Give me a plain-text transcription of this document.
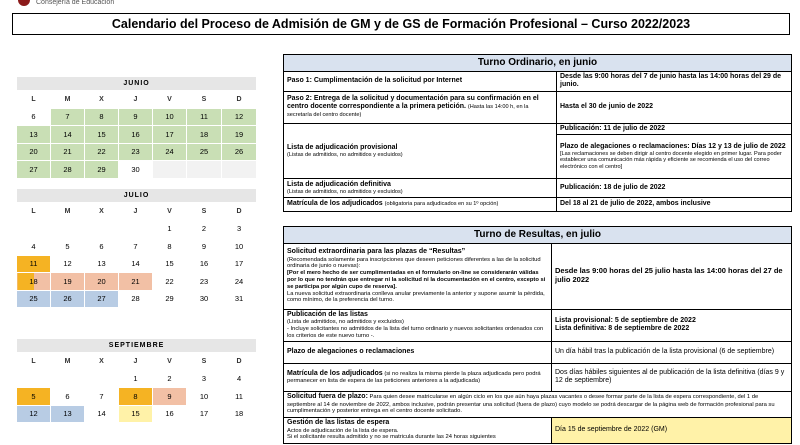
Consejería de Educación
Calendario del Proceso de Admisión de GM y de GS de Formación Profesional – Curso 2022/2023
JUNIO						
L	M	X	J	V	S	D
6	7	8	9	10	11	12
13	14	15	16	17	18	19
20	21	22	23	24	25	26
27	28	29	30			
JULIO						
L	M	X	J	V	S	D
				1	2	3
4	5	6	7	8	9	10
11	12	13	14	15	16	17
18	19	20	21	22	23	24
25	26	27	28	29	30	31
SEPTIEMBRE						
L	M	X	J	V	S	D
			1	2	3	4
5	6	7	8	9	10	11
12	13	14	15	16	17	18
Turno Ordinario, en junio	
Paso 1: Cumplimentación de la solicitud por Internet	Desde las 9:00 horas del 7 de junio hasta las 14:00 horas del 29 de junio.
Paso 2: Entrega de la solicitud y documentación para su confirmación en el centro docente correspondiente a la primera petición. (Hasta las 14:00 h, en la secretaría del centro docente)	Hasta el 30 de junio de 2022
Lista de adjudicación provisional
(Listas de admitidos, no admitidos y excluidos)	Publicación: 11 de julio de 2022
	Plazo de alegaciones o reclamaciones: Días 12 y 13 de julio de 2022
[Las reclamaciones se deben dirigir al centro docente elegido en primer lugar. Para poder establecer una comunicación más rápida y eficiente se recomienda el uso del correo electrónico con el centro]

Lista de adjudicación definitiva
(Listas de admitidos, no admitidos y excluidos)	Publicación: 18 de julio de 2022
Matrícula de los adjudicados (obligatoria para adjudicados en su 1º opción)	Del 18 al 21 de julio de 2022, ambos inclusive
Turno de Resultas, en julio	
Solicitud extraordinaria para las plazas de “Resultas”
(Recomendada solamente para inscripciones que deseen peticiones diferentes a las de la solicitud ordinaria de junio o nuevas):
[Por el mero hecho de ser cumplimentadas en el formulario on-line se considerarán válidas por lo que no tendrán que entregar ni la solicitud ni la documentación en el centro, excepto si se participa por algún cupo de reserva].
La nueva solicitud extraordinaria conlleva anular previamente la anterior y supone asumir la pérdida, como mínimo, de la preferencia del turno.	Desde las 9:00 horas del 25 julio hasta las 14:00 horas del 27 de julio 2022
Publicación de las listas
(Lista de admitidos, no admitidos y excluidos)
- Incluye solicitantes no admitidos de la lista del turno ordinario y nuevos solicitantes ordenados con los criterios de este nuevo turno -.	Lista provisional: 5 de septiembre de 2022
Lista definitiva: 8 de septiembre de 2022

Plazo de alegaciones o reclamaciones	Un día hábil tras la publicación de la lista provisional (6 de septiembre)
Matrícula de los adjudicados (si no realiza la misma pierde la plaza adjudicada pero podrá permanecer en lista de espera de las peticiones anteriores a la adjudicada)	Dos días hábiles siguientes al de publicación de la lista definitiva (días 9 y 12 de septiembre)
Solicitud fuera de plazo: Para quien desee matricularse en algún ciclo en los que aún haya plazas vacantes o desee formar parte de la lista de espera correspondiente, del 1 de septiembre al 14 de noviembre de 2022, ambos inclusive, podrán presentar una solicitud (fuera de plazo) cuyo modelo se podrá descargar de la página web de formación profesional para su cumplimentación y posterior entrega en el centro docente solicitado.	
Gestión de las listas de espera
Actos de adjudicación de la lista de espera.
Si el solicitante resulta admitido y no se matricula durante las 24 horas siguientes	Día 15 de septiembre de 2022 (GM)
